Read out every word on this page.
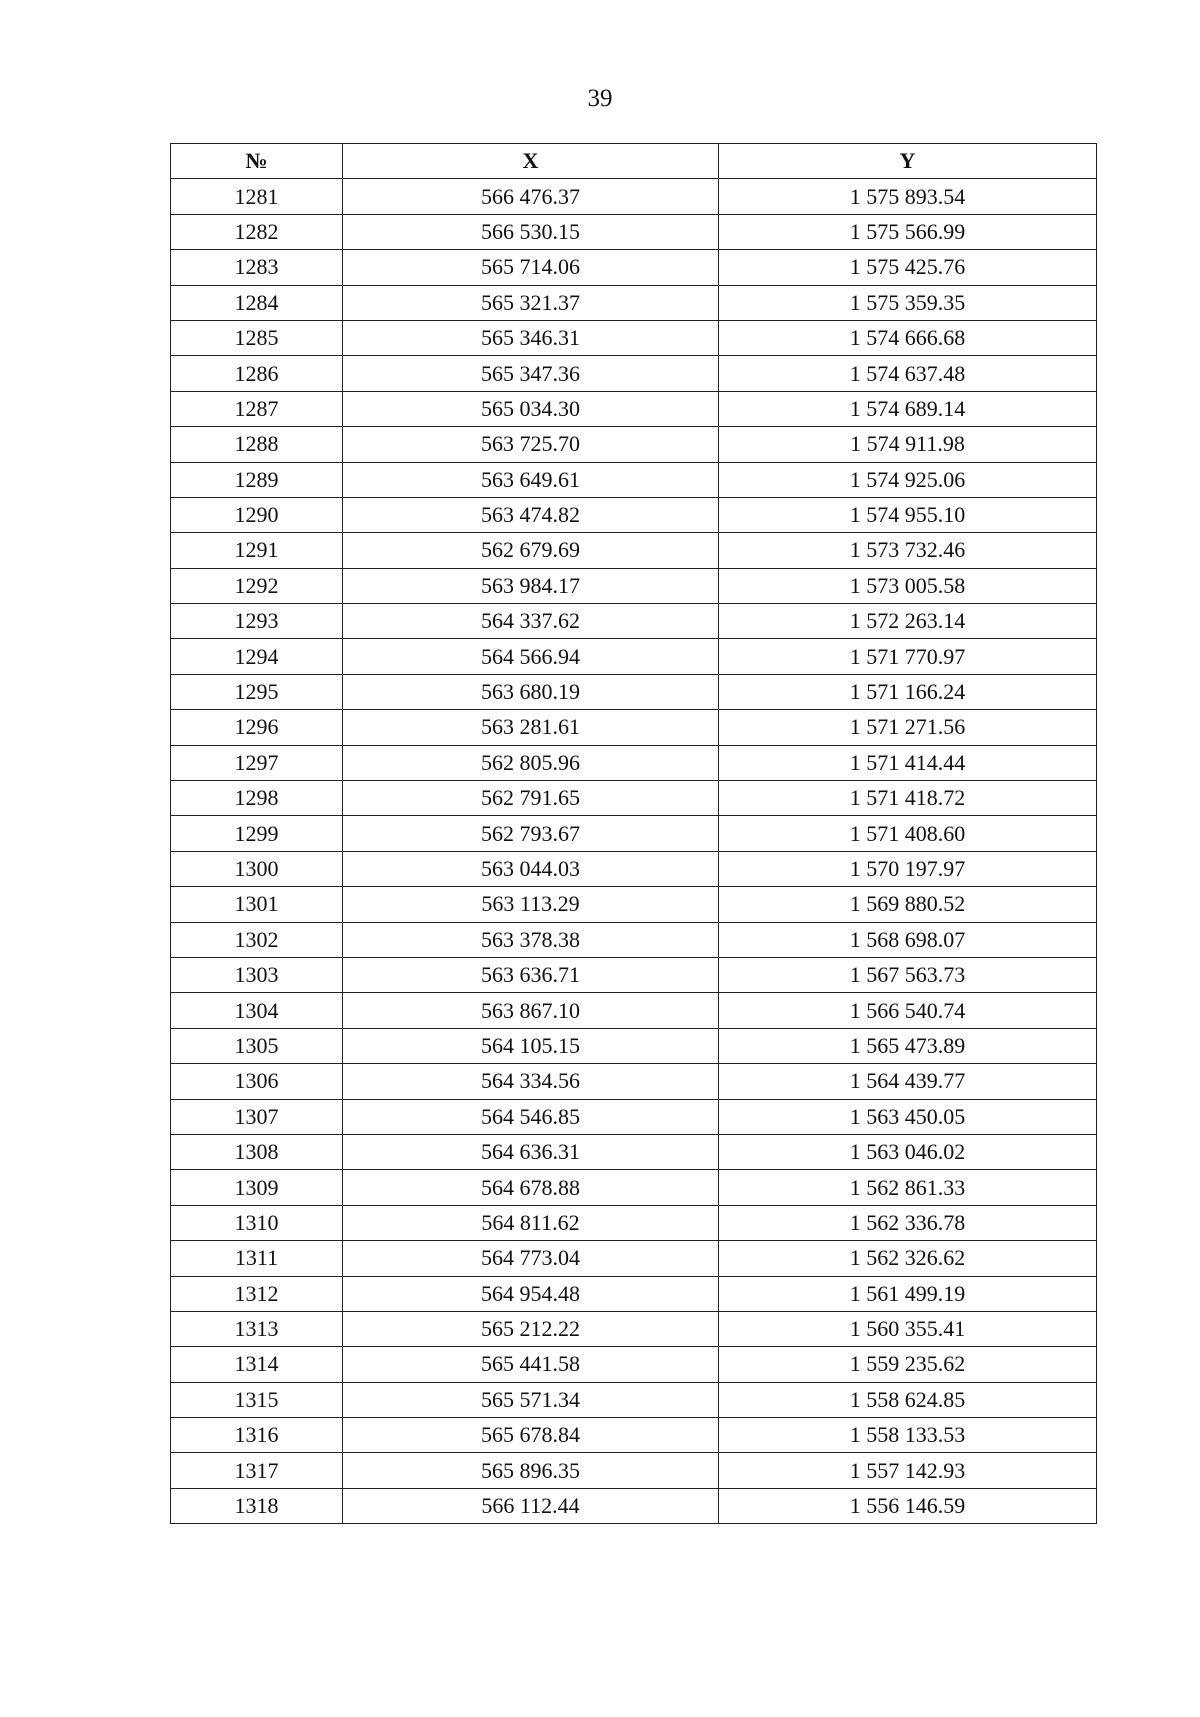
39
№	X	Y
1281	566 476.37	1 575 893.54
1282	566 530.15	1 575 566.99
1283	565 714.06	1 575 425.76
1284	565 321.37	1 575 359.35
1285	565 346.31	1 574 666.68
1286	565 347.36	1 574 637.48
1287	565 034.30	1 574 689.14
1288	563 725.70	1 574 911.98
1289	563 649.61	1 574 925.06
1290	563 474.82	1 574 955.10
1291	562 679.69	1 573 732.46
1292	563 984.17	1 573 005.58
1293	564 337.62	1 572 263.14
1294	564 566.94	1 571 770.97
1295	563 680.19	1 571 166.24
1296	563 281.61	1 571 271.56
1297	562 805.96	1 571 414.44
1298	562 791.65	1 571 418.72
1299	562 793.67	1 571 408.60
1300	563 044.03	1 570 197.97
1301	563 113.29	1 569 880.52
1302	563 378.38	1 568 698.07
1303	563 636.71	1 567 563.73
1304	563 867.10	1 566 540.74
1305	564 105.15	1 565 473.89
1306	564 334.56	1 564 439.77
1307	564 546.85	1 563 450.05
1308	564 636.31	1 563 046.02
1309	564 678.88	1 562 861.33
1310	564 811.62	1 562 336.78
1311	564 773.04	1 562 326.62
1312	564 954.48	1 561 499.19
1313	565 212.22	1 560 355.41
1314	565 441.58	1 559 235.62
1315	565 571.34	1 558 624.85
1316	565 678.84	1 558 133.53
1317	565 896.35	1 557 142.93
1318	566 112.44	1 556 146.59
